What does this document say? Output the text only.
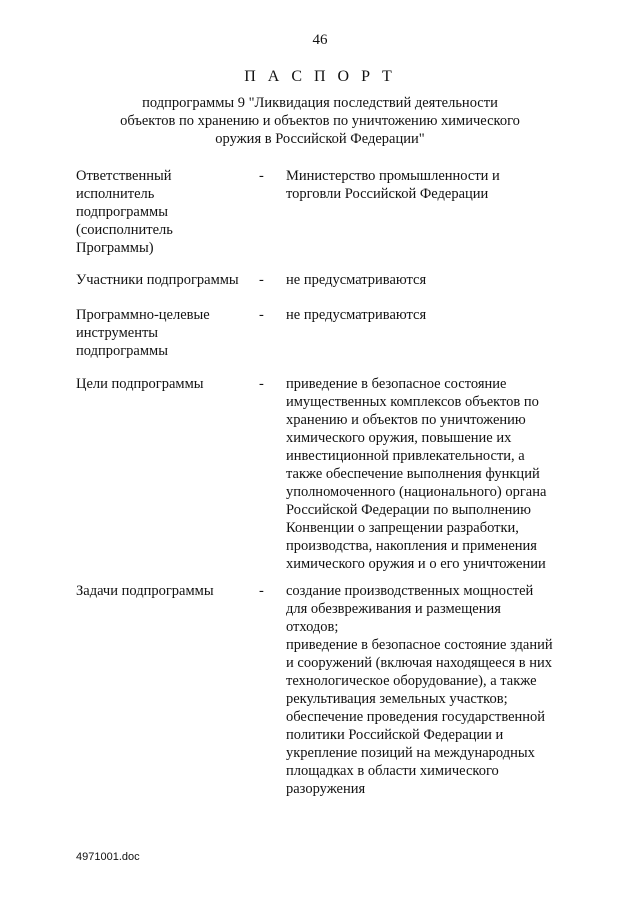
46
П А С П О Р Т
подпрограммы 9 "Ликвидация последствий деятельности
объектов по хранению и объектов по уничтожению химического
оружия в Российской Федерации"
Ответственный
исполнитель
подпрограммы
(соисполнитель
Программы)
- Министерство промышленности и
торговли Российской Федерации
Участники подпрограммы	- не предусматриваются
Программно-целевые
инструменты
подпрограммы
- не предусматриваются
Цели подпрограммы	- приведение в безопасное состояние
имущественных комплексов объектов по
хранению и объектов по уничтожению
химического оружия, повышение их
инвестиционной привлекательности, а
также обеспечение выполнения функций
уполномоченного (национального) органа
Российской Федерации по выполнению
Конвенции о запрещении разработки,
производства, накопления и применения
химического оружия и о его уничтожении
Задачи подпрограммы	- создание производственных мощностей
для обезвреживания и размещения
отходов;
приведение в безопасное состояние зданий
и сооружений (включая находящееся в них
технологическое оборудование), а также
рекультивация земельных участков;
обеспечение проведения государственной
политики Российской Федерации и
укрепление позиций на международных
площадках в области химического
разоружения
4971001.doc
